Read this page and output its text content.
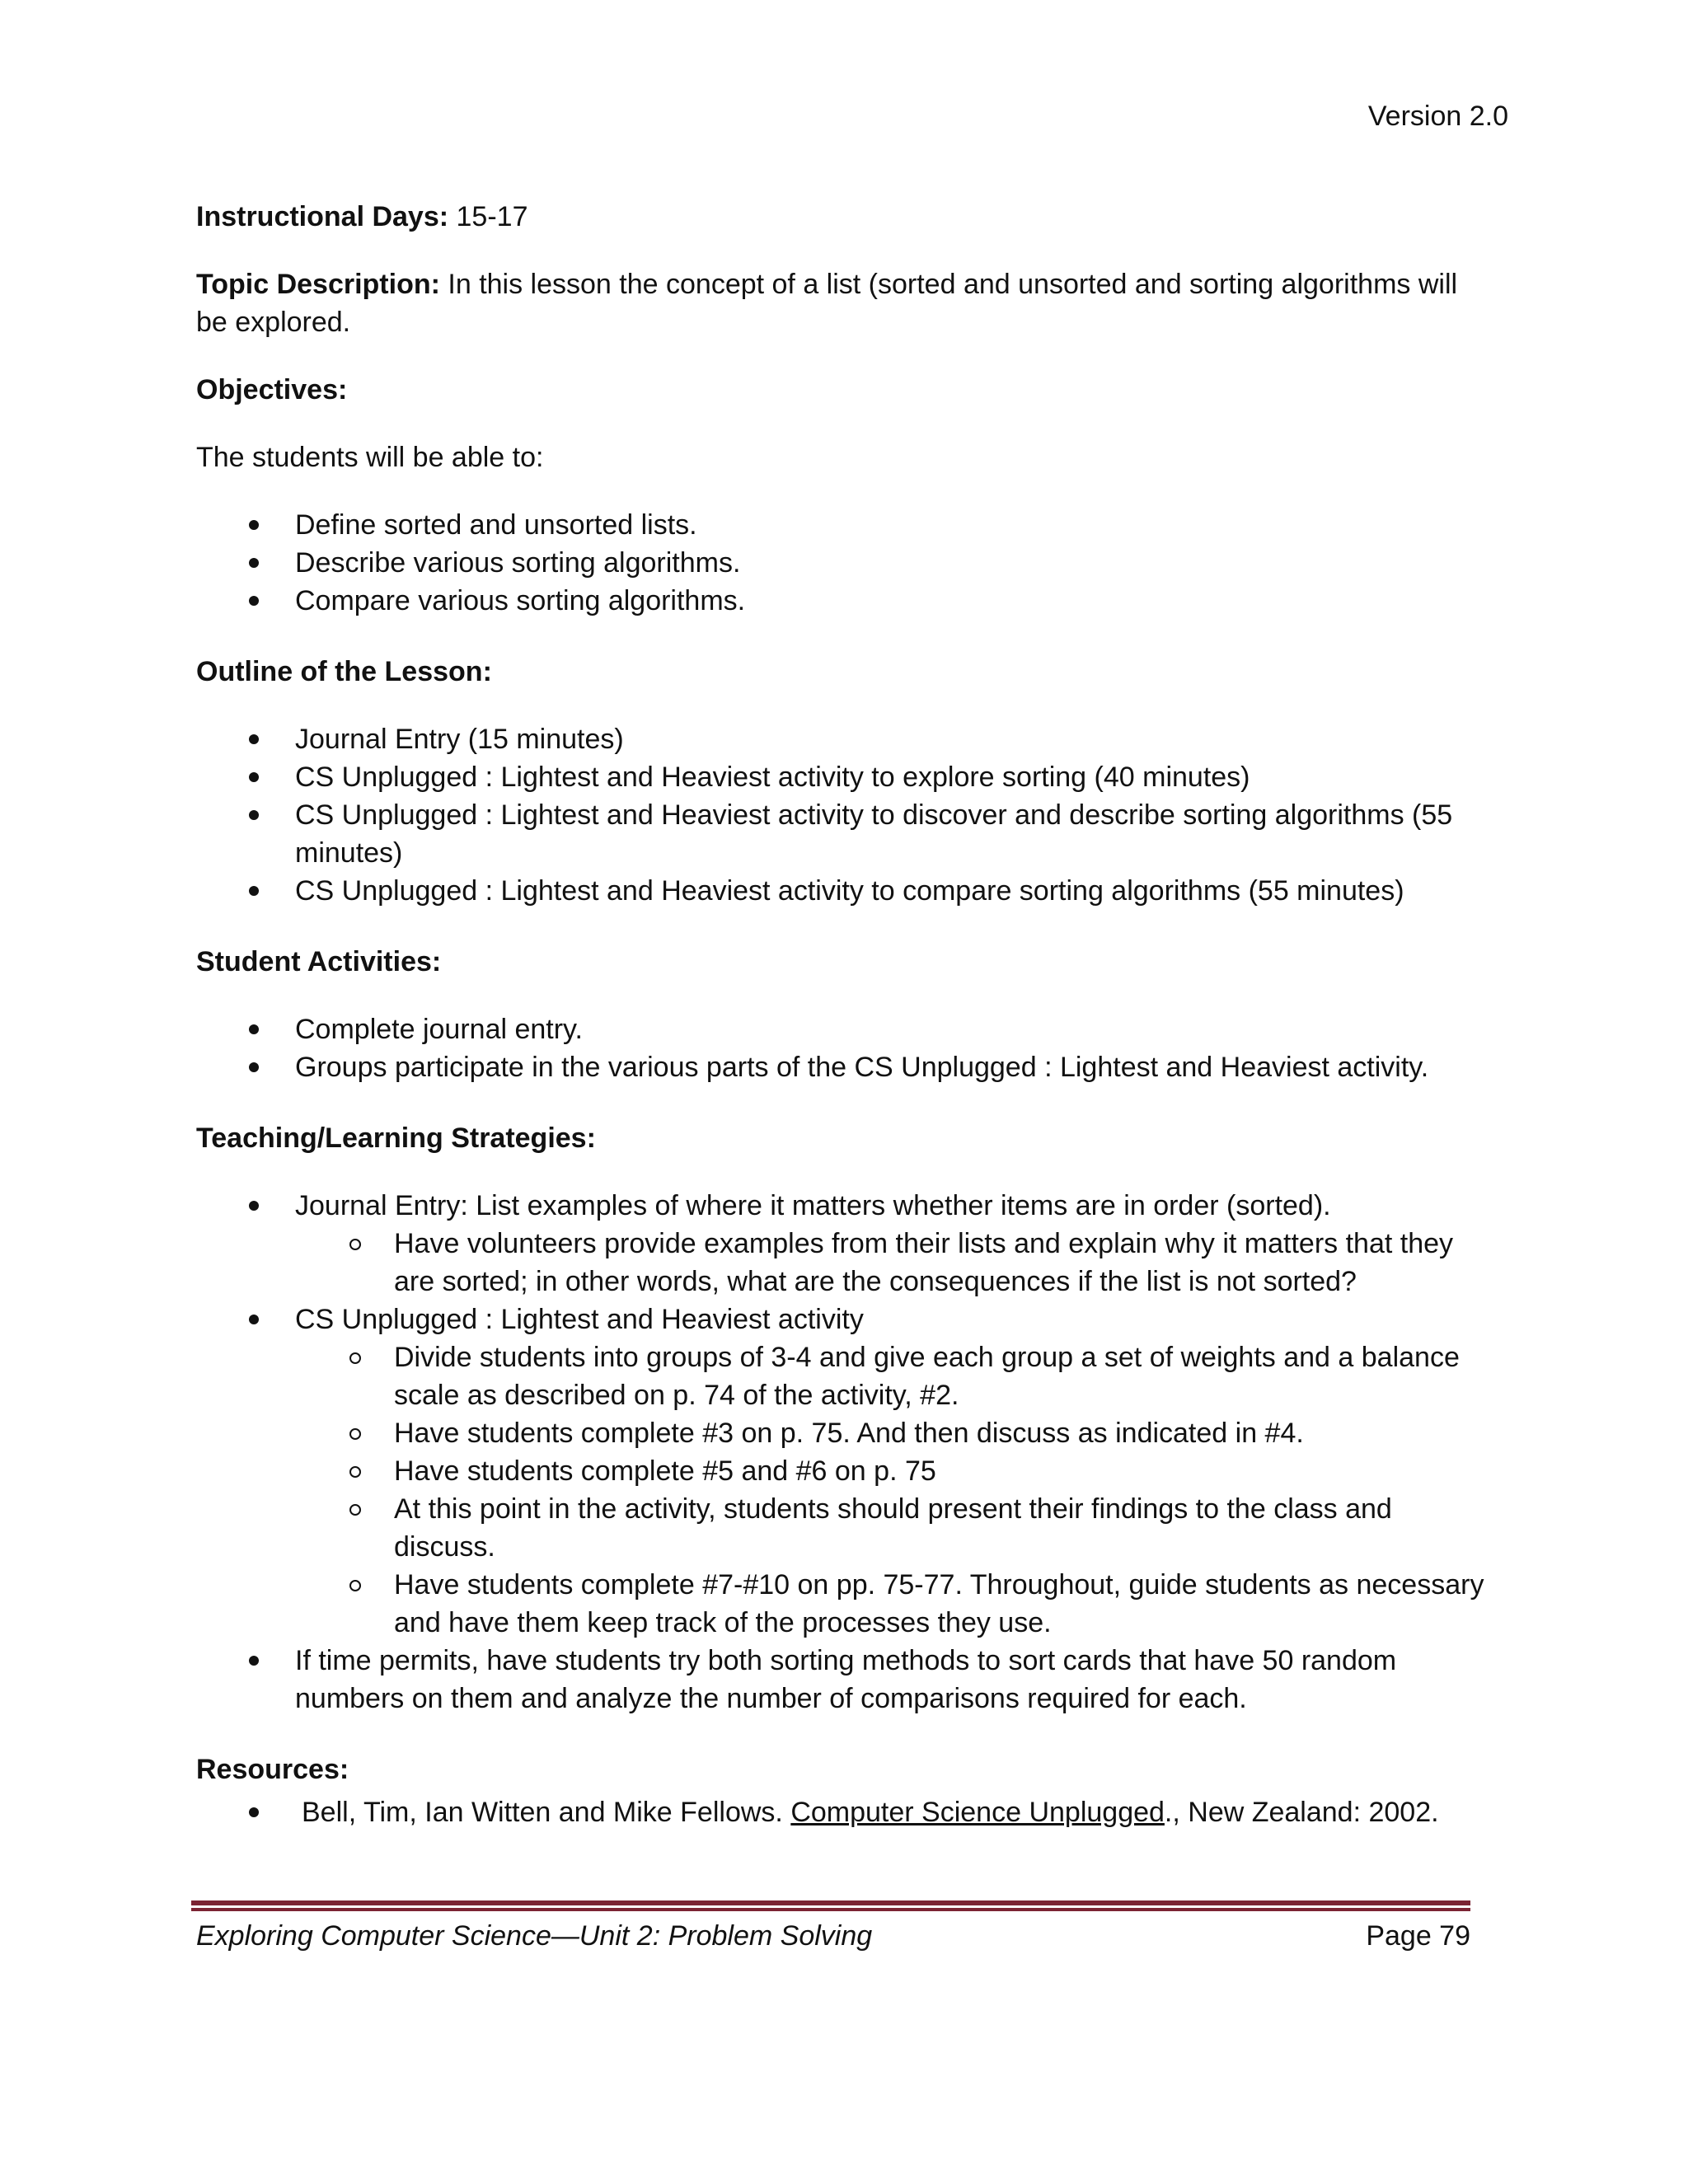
Version 2.0

Instructional Days: 15-17

Topic Description: In this lesson the concept of a list (sorted and unsorted and sorting algorithms will be explored.

Objectives:

The students will be able to:

Define sorted and unsorted lists.
Describe various sorting algorithms.
Compare various sorting algorithms.

Outline of the Lesson:

Journal Entry (15 minutes)
CS Unplugged : Lightest and Heaviest activity to explore sorting (40 minutes)
CS Unplugged : Lightest and Heaviest activity to discover and describe sorting algorithms (55 minutes)
CS Unplugged : Lightest and Heaviest activity to compare sorting algorithms (55 minutes)

Student Activities:

Complete journal entry.
Groups participate in the various parts of the CS Unplugged : Lightest and Heaviest activity.

Teaching/Learning Strategies:

Journal Entry: List examples of where it matters whether items are in order (sorted).
Have volunteers provide examples from their lists and explain why it matters that they are sorted; in other words, what are the consequences if the list is not sorted?
CS Unplugged : Lightest and Heaviest activity
Divide students into groups of 3-4 and give each group a set of weights and a balance scale as described on p. 74 of the activity, #2.
Have students complete #3 on p. 75. And then discuss as indicated in #4.
Have students complete #5 and #6 on p. 75
At this point in the activity, students should present their findings to the class and discuss.
Have students complete #7-#10 on pp. 75-77. Throughout, guide students as necessary and have them keep track of the processes they use.
If time permits, have students try both sorting methods to sort cards that have 50 random numbers on them and analyze the number of comparisons required for each.

Resources:

Bell, Tim, Ian Witten and Mike Fellows. Computer Science Unplugged., New Zealand: 2002.
Exploring Computer Science—Unit 2: Problem Solving	Page 79
